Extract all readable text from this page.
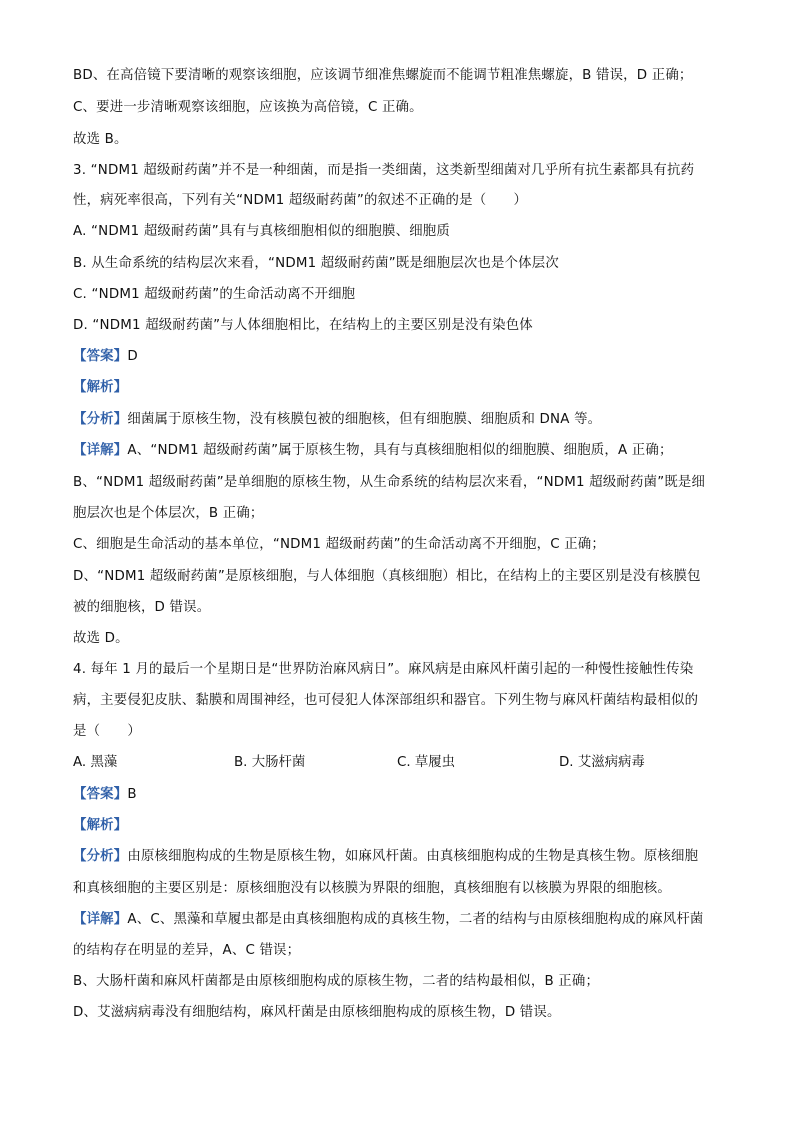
BD、在高倍镜下要清晰的观察该细胞，应该调节细准焦螺旋而不能调节粗准焦螺旋，B 错误，D 正确；
C、要进一步清晰观察该细胞，应该换为高倍镜，C 正确。
故选 B。
3. “NDM1 超级耐药菌”并不是一种细菌，而是指一类细菌，这类新型细菌对几乎所有抗生素都具有抗药
性，病死率很高，下列有关“NDM1 超级耐药菌”的叙述不正确的是（　　）
A. “NDM1 超级耐药菌”具有与真核细胞相似的细胞膜、细胞质
B. 从生命系统的结构层次来看，“NDM1 超级耐药菌”既是细胞层次也是个体层次
C. “NDM1 超级耐药菌”的生命活动离不开细胞
D. “NDM1 超级耐药菌”与人体细胞相比，在结构上的主要区别是没有染色体
【答案】D
【解析】
【分析】细菌属于原核生物，没有核膜包被的细胞核，但有细胞膜、细胞质和 DNA 等。
【详解】A、“NDM1 超级耐药菌”属于原核生物，具有与真核细胞相似的细胞膜、细胞质，A 正确；
B、“NDM1 超级耐药菌”是单细胞的原核生物，从生命系统的结构层次来看，“NDM1 超级耐药菌”既是细
胞层次也是个体层次，B 正确；
C、细胞是生命活动的基本单位，“NDM1 超级耐药菌”的生命活动离不开细胞，C 正确；
D、“NDM1 超级耐药菌”是原核细胞，与人体细胞（真核细胞）相比，在结构上的主要区别是没有核膜包
被的细胞核，D 错误。
故选 D。
4. 每年 1 月的最后一个星期日是“世界防治麻风病日”。麻风病是由麻风杆菌引起的一种慢性接触性传染
病，主要侵犯皮肤、黏膜和周围神经，也可侵犯人体深部组织和器官。下列生物与麻风杆菌结构最相似的
是（　　）
A. 黑藻	B. 大肠杆菌	C. 草履虫	D. 艾滋病病毒
【答案】B
【解析】
【分析】由原核细胞构成的生物是原核生物，如麻风杆菌。由真核细胞构成的生物是真核生物。原核细胞
和真核细胞的主要区别是：原核细胞没有以核膜为界限的细胞，真核细胞有以核膜为界限的细胞核。
【详解】A、C、黑藻和草履虫都是由真核细胞构成的真核生物，二者的结构与由原核细胞构成的麻风杆菌
的结构存在明显的差异，A、C 错误；
B、大肠杆菌和麻风杆菌都是由原核细胞构成的原核生物，二者的结构最相似，B 正确；
D、艾滋病病毒没有细胞结构，麻风杆菌是由原核细胞构成的原核生物，D 错误。
